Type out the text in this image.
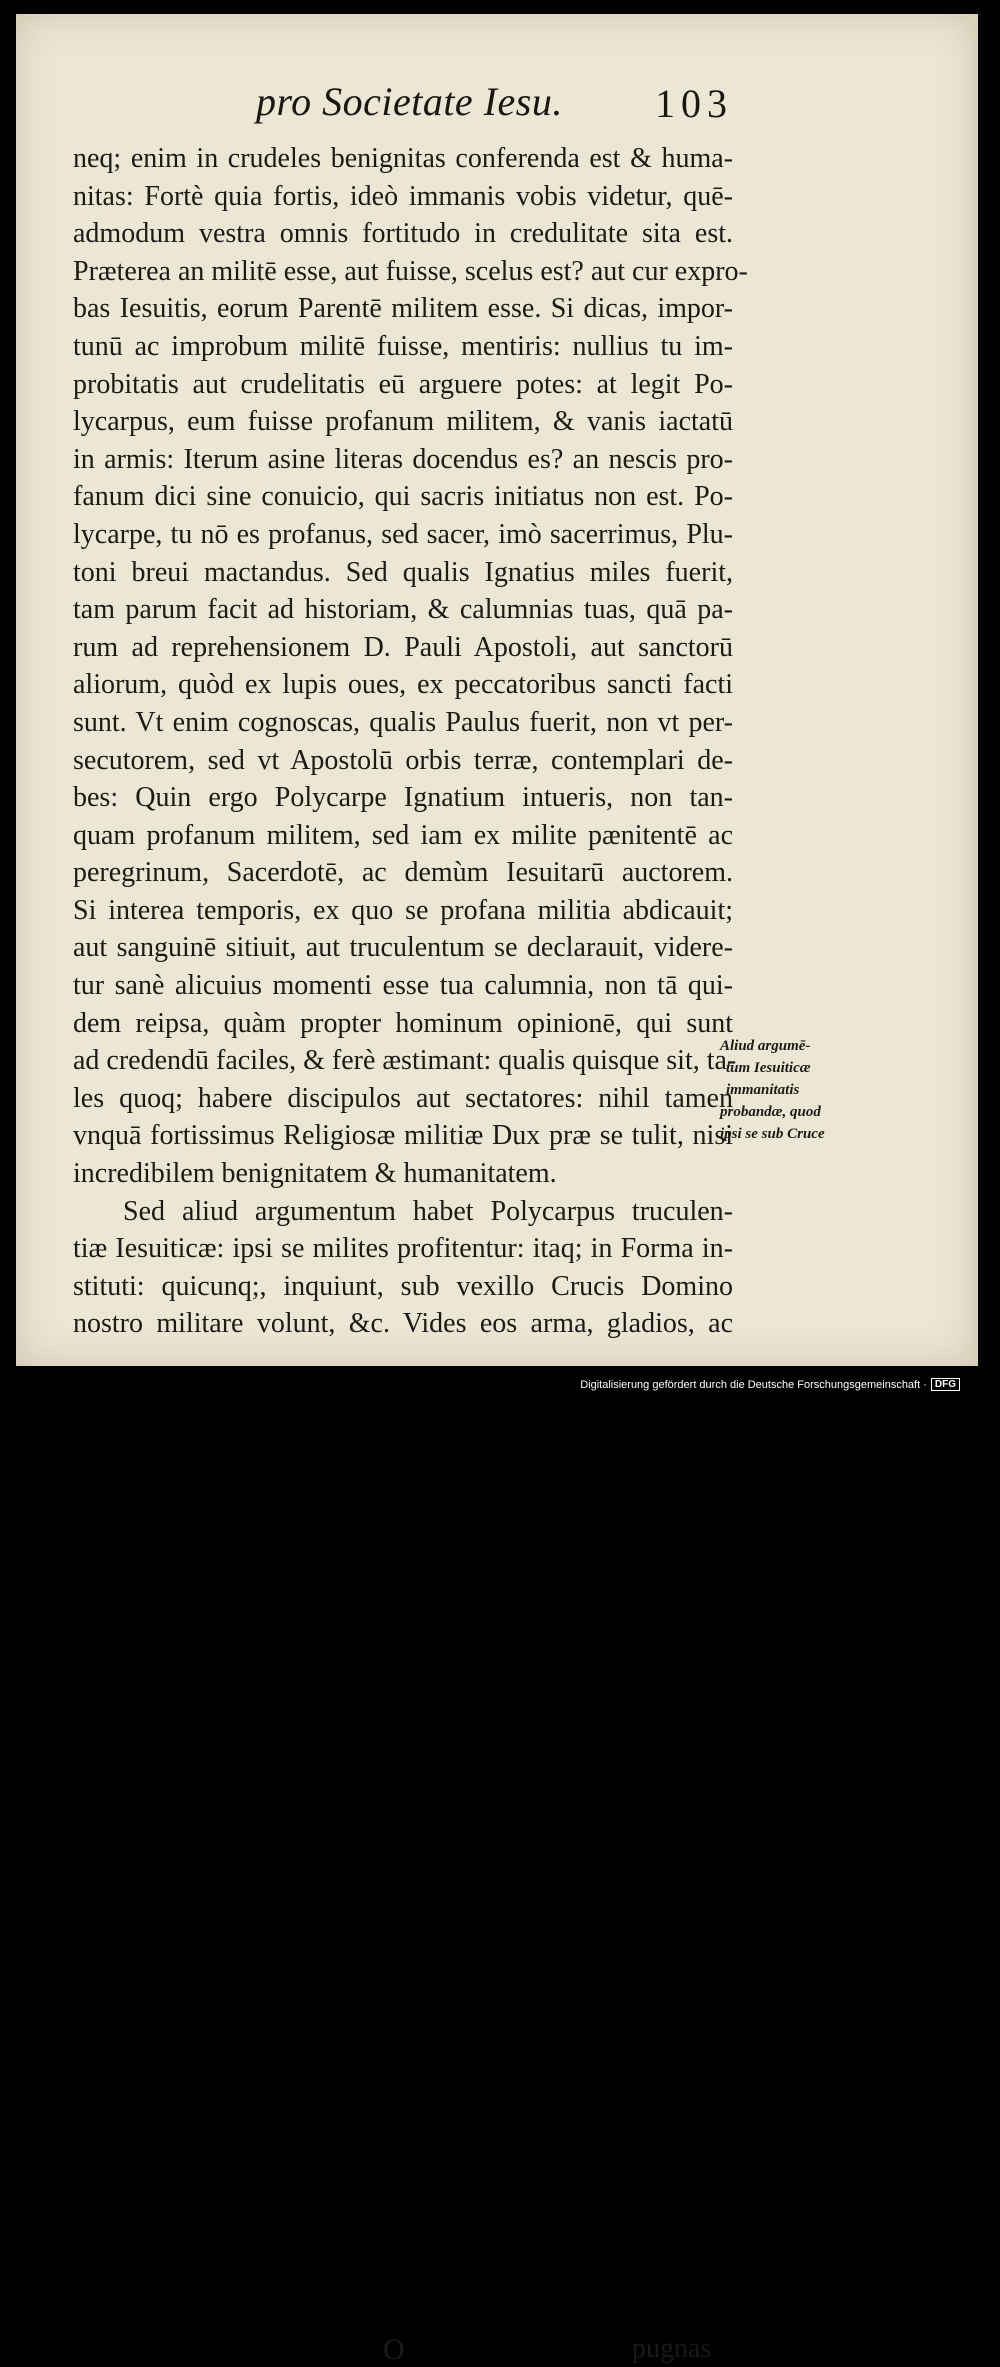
pro Societate Iesu. 103
neq; enim in crudeles benignitas conferenda est & huma-
nitas: Fortè quia fortis, ideò immanis vobis videtur, quē-
admodum vestra omnis fortitudo in credulitate sita est.
Præterea an militē esse, aut fuisse, scelus est? aut cur expro-
bas Iesuitis, eorum Parentē militem esse. Si dicas, impor-
tunū ac improbum militē fuisse, mentiris: nullius tu im-
probitatis aut crudelitatis eū arguere potes: at legit Po-
lycarpus, eum fuisse profanum militem, & vanis iactatū
in armis: Iterum asine literas docendus es? an nescis pro-
fanum dici sine conuicio, qui sacris initiatus non est. Po-
lycarpe, tu nō es profanus, sed sacer, imò sacerrimus, Plu-
toni breui mactandus. Sed qualis Ignatius miles fuerit,
tam parum facit ad historiam, & calumnias tuas, quā pa-
rum ad reprehensionem D. Pauli Apostoli, aut sanctorū
aliorum, quòd ex lupis oues, ex peccatoribus sancti facti
sunt. Vt enim cognoscas, qualis Paulus fuerit, non vt per-
secutorem, sed vt Apostolū orbis terræ, contemplari de-
bes: Quin ergo Polycarpe Ignatium intueris, non tan-
quam profanum militem, sed iam ex milite pænitentē ac
peregrinum, Sacerdotē, ac demùm Iesuitarū auctorem.
Si interea temporis, ex quo se profana militia abdicauit;
aut sanguinē sitiuit, aut truculentum se declarauit, videre-
tur sanè alicuius momenti esse tua calumnia, non tā qui-
dem reipsa, quàm propter hominum opinionē, qui sunt
ad credendū faciles, & ferè æstimant: qualis quisque sit, ta-
les quoq; habere discipulos aut sectatores: nihil tamen
vnquā fortissimus Religiosæ militiæ Dux præ se tulit, nisi
incredibilem benignitatem & humanitatem.
Sed aliud argumentum habet Polycarpus truculen-
tiæ Iesuiticæ: ipsi se milites profitentur: itaq; in Forma in-
stituti: quicunq;, inquiunt, sub vexillo Crucis Domino
nostro militare volunt, &c. Vides eos arma, gladios, ac
Aliud argumē-
tum Iesuiticæ
immanitatis
probandæ, quod
ipsi se sub Cruce
O	pugnas
Digitalisierung gefördert durch die Deutsche Forschungsgemeinschaft · DFG
